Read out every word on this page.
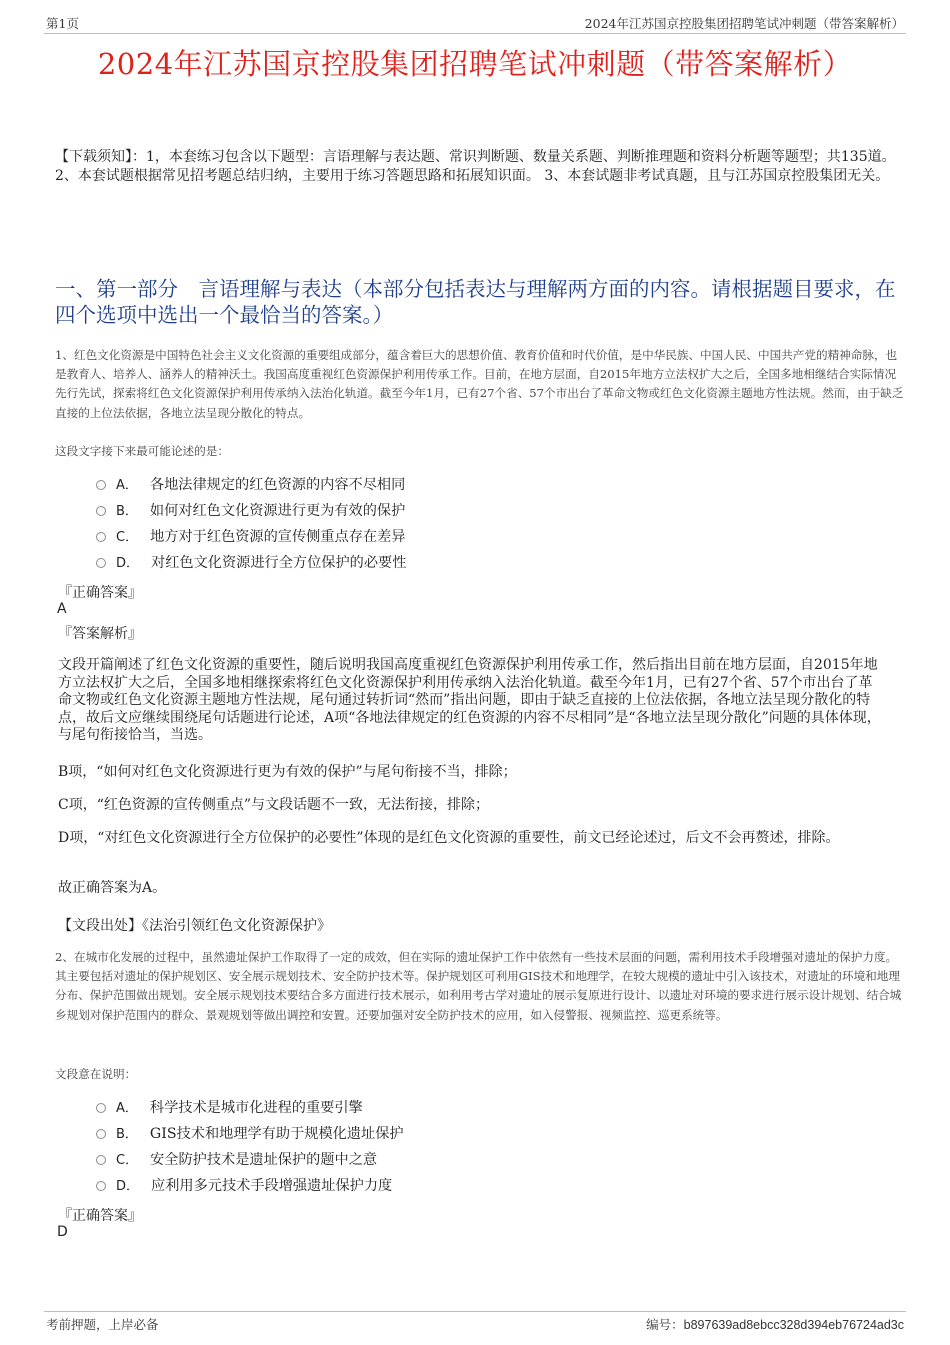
第1页	2024年江苏国京控股集团招聘笔试冲刺题（带答案解析）
2024年江苏国京控股集团招聘笔试冲刺题（带答案解析）
【下载须知】：1，本套练习包含以下题型：言语理解与表达题、常识判断题、数量关系题、判断推理题和资料分析题等题型；共135道。 2、本套试题根据常见招考题总结归纳，主要用于练习答题思路和拓展知识面。 3、本套试题非考试真题，且与江苏国京控股集团无关。
一、第一部分　言语理解与表达（本部分包括表达与理解两方面的内容。请根据题目要求，在四个选项中选出一个最恰当的答案。）
1、红色文化资源是中国特色社会主义文化资源的重要组成部分，蕴含着巨大的思想价值、教育价值和时代价值，是中华民族、中国人民、中国共产党的精神命脉，也是教育人、培养人、涵养人的精神沃土。我国高度重视红色资源保护利用传承工作。目前，在地方层面，自2015年地方立法权扩大之后，全国多地相继结合实际情况先行先试，探索将红色文化资源保护利用传承纳入法治化轨道。截至今年1月，已有27个省、57个市出台了革命文物或红色文化资源主题地方性法规。然而，由于缺乏直接的上位法依据，各地立法呈现分散化的特点。
这段文字接下来最可能论述的是：
A． 各地法律规定的红色资源的内容不尽相同
B． 如何对红色文化资源进行更为有效的保护
C． 地方对于红色资源的宣传侧重点存在差异
D． 对红色文化资源进行全方位保护的必要性
『正确答案』
A
『答案解析』
文段开篇阐述了红色文化资源的重要性，随后说明我国高度重视红色资源保护利用传承工作，然后指出目前在地方层面，自2015年地方立法权扩大之后，全国多地相继探索将红色文化资源保护利用传承纳入法治化轨道。截至今年1月，已有27个省、57个市出台了革命文物或红色文化资源主题地方性法规，尾句通过转折词“然而”指出问题，即由于缺乏直接的上位法依据，各地立法呈现分散化的特点，故后文应继续围绕尾句话题进行论述，A项“各地法律规定的红色资源的内容不尽相同”是“各地立法呈现分散化”问题的具体体现，与尾句衔接恰当，当选。
B项，“如何对红色文化资源进行更为有效的保护”与尾句衔接不当，排除；
C项，“红色资源的宣传侧重点”与文段话题不一致，无法衔接，排除；
D项，“对红色文化资源进行全方位保护的必要性”体现的是红色文化资源的重要性，前文已经论述过，后文不会再赘述，排除。
故正确答案为A。
【文段出处】《法治引领红色文化资源保护》
2、在城市化发展的过程中，虽然遗址保护工作取得了一定的成效，但在实际的遗址保护工作中依然有一些技术层面的问题，需利用技术手段增强对遗址的保护力度。其主要包括对遗址的保护规划区、安全展示规划技术、安全防护技术等。保护规划区可利用GIS技术和地理学，在较大规模的遗址中引入该技术，对遗址的环境和地理分布、保护范围做出规划。安全展示规划技术要结合多方面进行技术展示，如利用考古学对遗址的展示复原进行设计、以遗址对环境的要求进行展示设计规划、结合城乡规划对保护范围内的群众、景观规划等做出调控和安置。还要加强对安全防护技术的应用，如入侵警报、视频监控、巡更系统等。
文段意在说明：
A． 科学技术是城市化进程的重要引擎
B． GIS技术和地理学有助于规模化遗址保护
C． 安全防护技术是遗址保护的题中之意
D． 应利用多元技术手段增强遗址保护力度
『正确答案』
D
考前押题，上岸必备	编号：b897639ad8ebcc328d394eb76724ad3c
